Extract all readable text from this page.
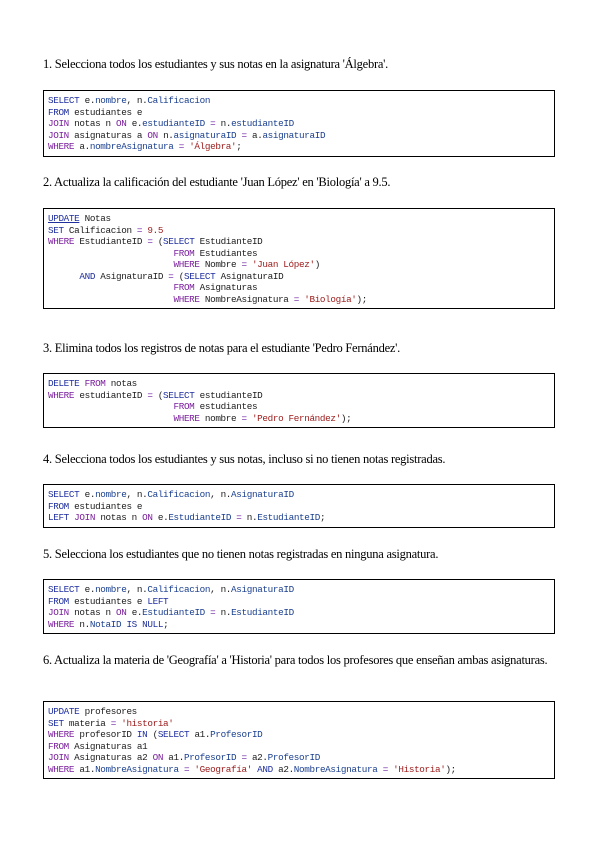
1. Selecciona todos los estudiantes y sus notas en la asignatura 'Álgebra'.
SELECT e.nombre, n.Calificacion
FROM estudiantes e
JOIN notas n ON e.estudianteID = n.estudianteID
JOIN asignaturas a ON n.asignaturaID = a.asignaturaID
WHERE a.nombreAsignatura = 'Álgebra';
2. Actualiza la calificación del estudiante 'Juan López' en 'Biología' a 9.5.
UPDATE Notas
SET Calificacion = 9.5
WHERE EstudianteID = (SELECT EstudianteID
FROM Estudiantes
WHERE Nombre = 'Juan López')
AND AsignaturaID = (SELECT AsignaturaID
FROM Asignaturas
WHERE NombreAsignatura = 'Biología');
3. Elimina todos los registros de notas para el estudiante 'Pedro Fernández'.
DELETE FROM notas
WHERE estudianteID = (SELECT estudianteID
FROM estudiantes
WHERE nombre = 'Pedro Fernández');
4. Selecciona todos los estudiantes y sus notas, incluso si no tienen notas registradas.
SELECT e.nombre, n.Calificacion, n.AsignaturaID
FROM estudiantes e
LEFT JOIN notas n ON e.EstudianteID = n.EstudianteID;
5. Selecciona los estudiantes que no tienen notas registradas en ninguna asignatura.
SELECT e.nombre, n.Calificacion, n.AsignaturaID
FROM estudiantes e LEFT
JOIN notas n ON e.EstudianteID = n.EstudianteID
WHERE n.NotaID IS NULL;
6. Actualiza la materia de 'Geografía' a 'Historia' para todos los profesores que enseñan ambas asignaturas.
UPDATE profesores
SET materia = 'historia'
WHERE profesorID IN (SELECT a1.ProfesorID
FROM Asignaturas a1
JOIN Asignaturas a2 ON a1.ProfesorID = a2.ProfesorID
WHERE a1.NombreAsignatura = 'Geografía' AND a2.NombreAsignatura = 'Historia');
